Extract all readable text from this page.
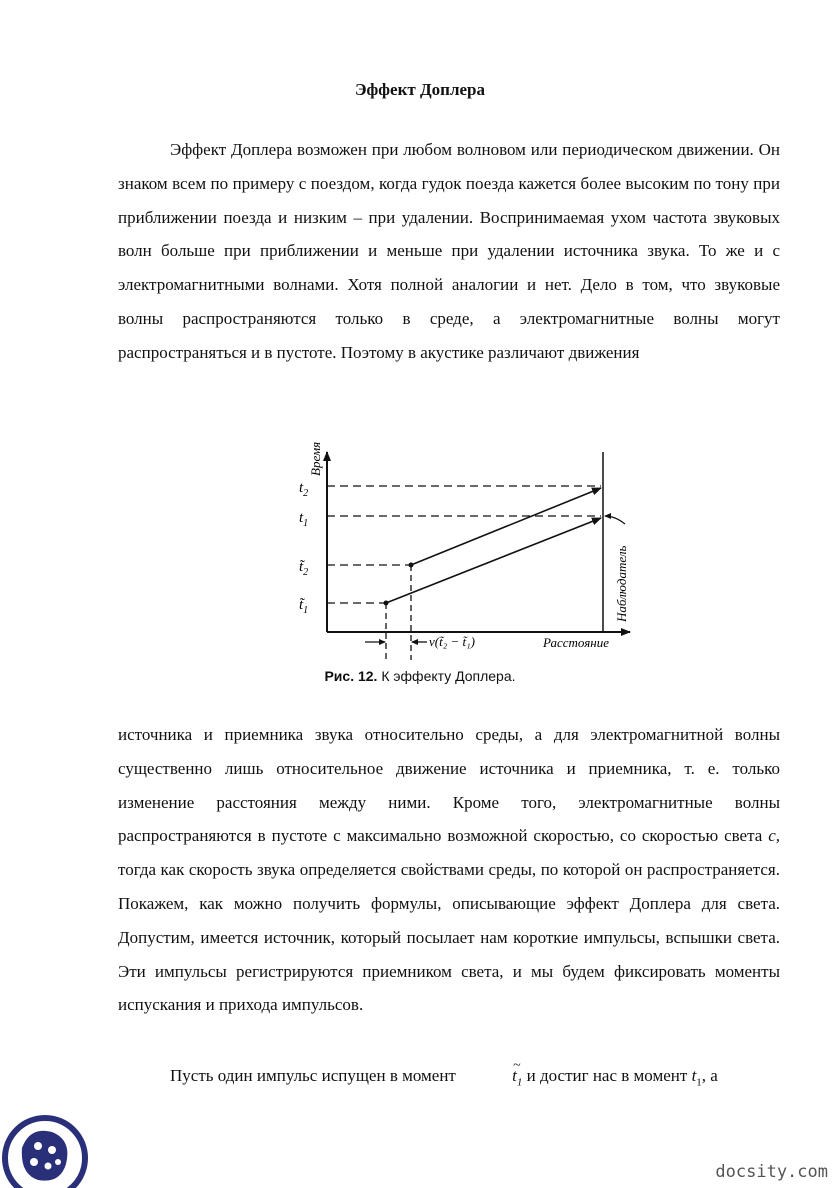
Эффект Доплера

Эффект Доплера возможен при любом волновом или периодическом движении. Он знаком всем по примеру с поездом, когда гудок поезда кажется более высоким по тону при приближении поезда и низким – при удалении. Воспринимаемая ухом частота звуковых волн больше при приближении и меньше при удалении источника звука. То же и с электромагнитными волнами. Хотя полной аналогии и нет. Дело в том, что звуковые волны распространяются только в среде, а электромагнитные волны могут распространяться и в пустоте. Поэтому в акустике различают движения

Время
Расстояние
Наблюдатель
$t_2$
$t_1$
$t̃_2$
$t̃_1$
v(t̃₂ − t̃₁)
Рис. 12. К эффекту Доплера.

источника и приемника звука относительно среды, а для электромагнитной волны существенно лишь относительное движение источника и приемника, т. е. только изменение расстояния между ними. Кроме того, электромагнитные волны распространяются в пустоте с максимально возможной скоростью, со скоростью света c, тогда как скорость звука определяется свойствами среды, по которой он распространяется. Покажем, как можно получить формулы, описывающие эффект Доплера для света. Допустим, имеется источник, который посылает нам короткие импульсы, вспышки света. Эти импульсы регистрируются приемником света, и мы будем фиксировать моменты испускания и прихода импульсов.

Пусть один импульс испущен в момент
~
$t_1$ и достиг нас в момент $t_1$, а

docsity.com
